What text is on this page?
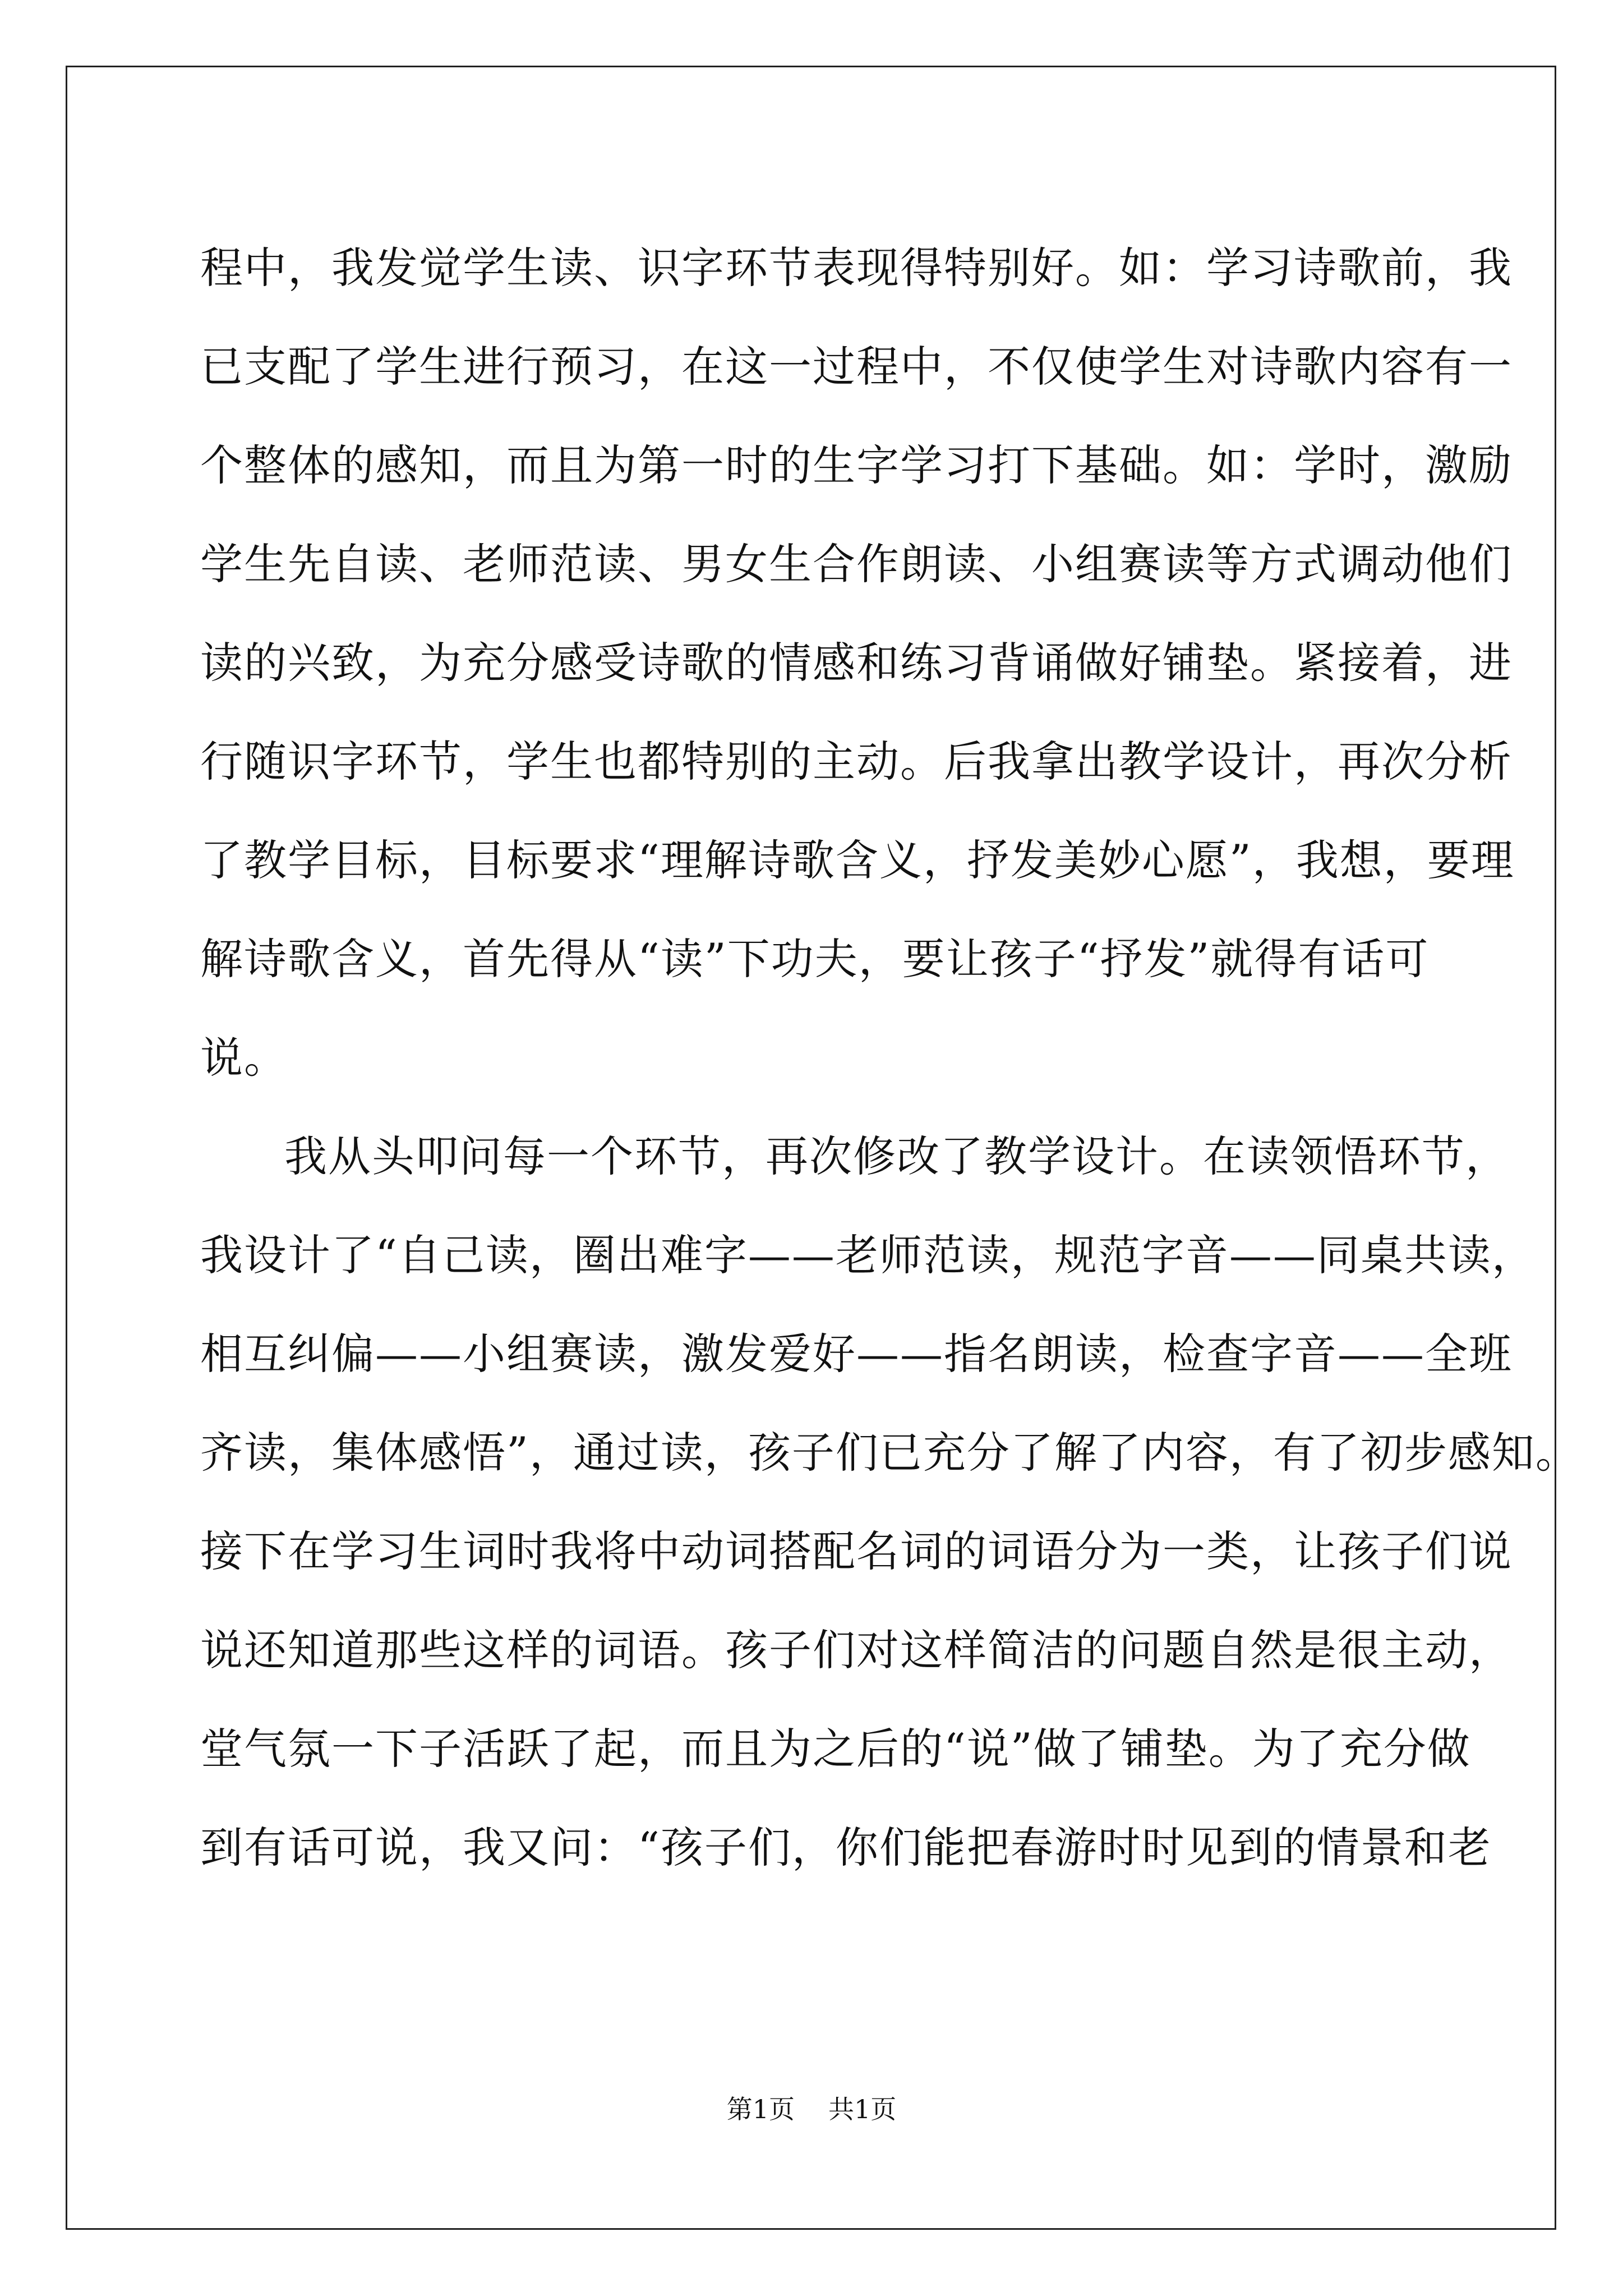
程中，我发觉学生读、识字环节表现得特别好。如：学习诗歌前，我
已支配了学生进行预习，在这一过程中，不仅使学生对诗歌内容有一
个整体的感知，而且为第一时的生字学习打下基础。如：学时，激励
学生先自读、老师范读、男女生合作朗读、小组赛读等方式调动他们
读的兴致，为充分感受诗歌的情感和练习背诵做好铺垫。紧接着，进
行随识字环节，学生也都特别的主动。后我拿出教学设计，再次分析
了教学目标，目标要求“理解诗歌含义，抒发美妙心愿”，我想，要理
解诗歌含义，首先得从“读”下功夫，要让孩子“抒发”就得有话可
说。
我从头叩问每一个环节，再次修改了教学设计。在读领悟环节，
我设计了“自己读，圈出难字——老师范读，规范字音——同桌共读，
相互纠偏——小组赛读，激发爱好——指名朗读，检查字音——全班
齐读，集体感悟”，通过读，孩子们已充分了解了内容，有了初步感知。
接下在学习生词时我将中动词搭配名词的词语分为一类，让孩子们说
说还知道那些这样的词语。孩子们对这样简洁的问题自然是很主动，
堂气氛一下子活跃了起，而且为之后的“说”做了铺垫。为了充分做
到有话可说，我又问：“孩子们，你们能把春游时时见到的情景和老
第1页 共1页
